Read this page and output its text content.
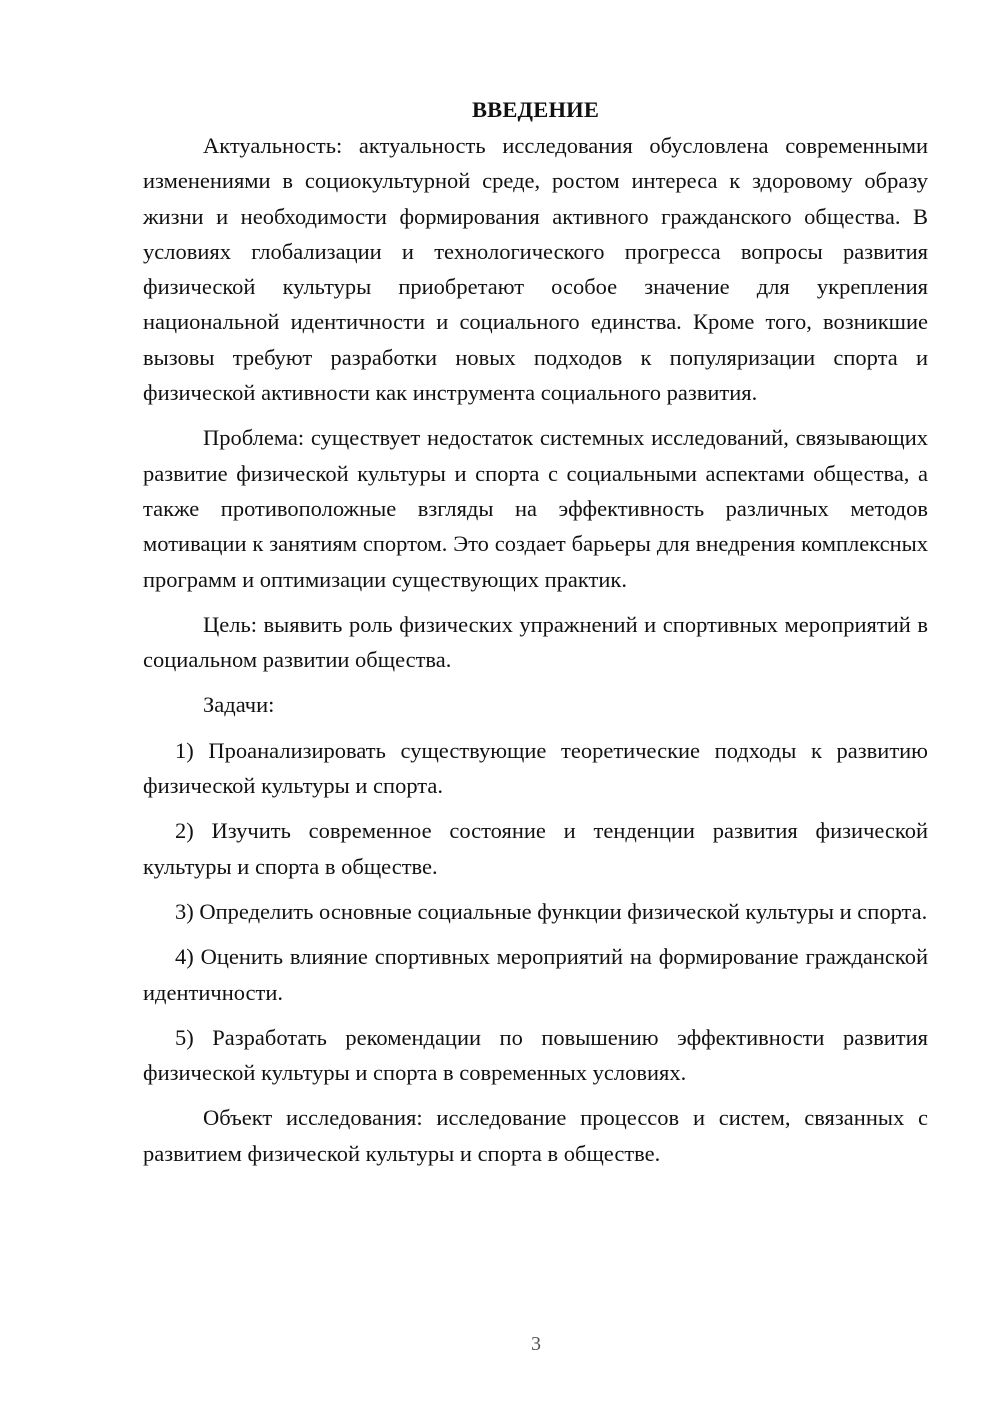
ВВЕДЕНИЕ

Актуальность: актуальность исследования обусловлена современными изменениями в социокультурной среде, ростом интереса к здоровому образу жизни и необходимости формирования активного гражданского общества. В условиях глобализации и технологического прогресса вопросы развития физической культуры приобретают особое значение для укрепления национальной идентичности и социального единства. Кроме того, возникшие вызовы требуют разработки новых подходов к популяризации спорта и физической активности как инструмента социального развития.

Проблема: существует недостаток системных исследований, связывающих развитие физической культуры и спорта с социальными аспектами общества, а также противоположные взгляды на эффективность различных методов мотивации к занятиям спортом. Это создает барьеры для внедрения комплексных программ и оптимизации существующих практик.

Цель: выявить роль физических упражнений и спортивных мероприятий в социальном развитии общества.

Задачи:

1) Проанализировать существующие теоретические подходы к развитию физической культуры и спорта.

2) Изучить современное состояние и тенденции развития физической культуры и спорта в обществе.

3) Определить основные социальные функции физической культуры и спорта.

4) Оценить влияние спортивных мероприятий на формирование гражданской идентичности.

5) Разработать рекомендации по повышению эффективности развития физической культуры и спорта в современных условиях.

Объект исследования: исследование процессов и систем, связанных с развитием физической культуры и спорта в обществе.

3
